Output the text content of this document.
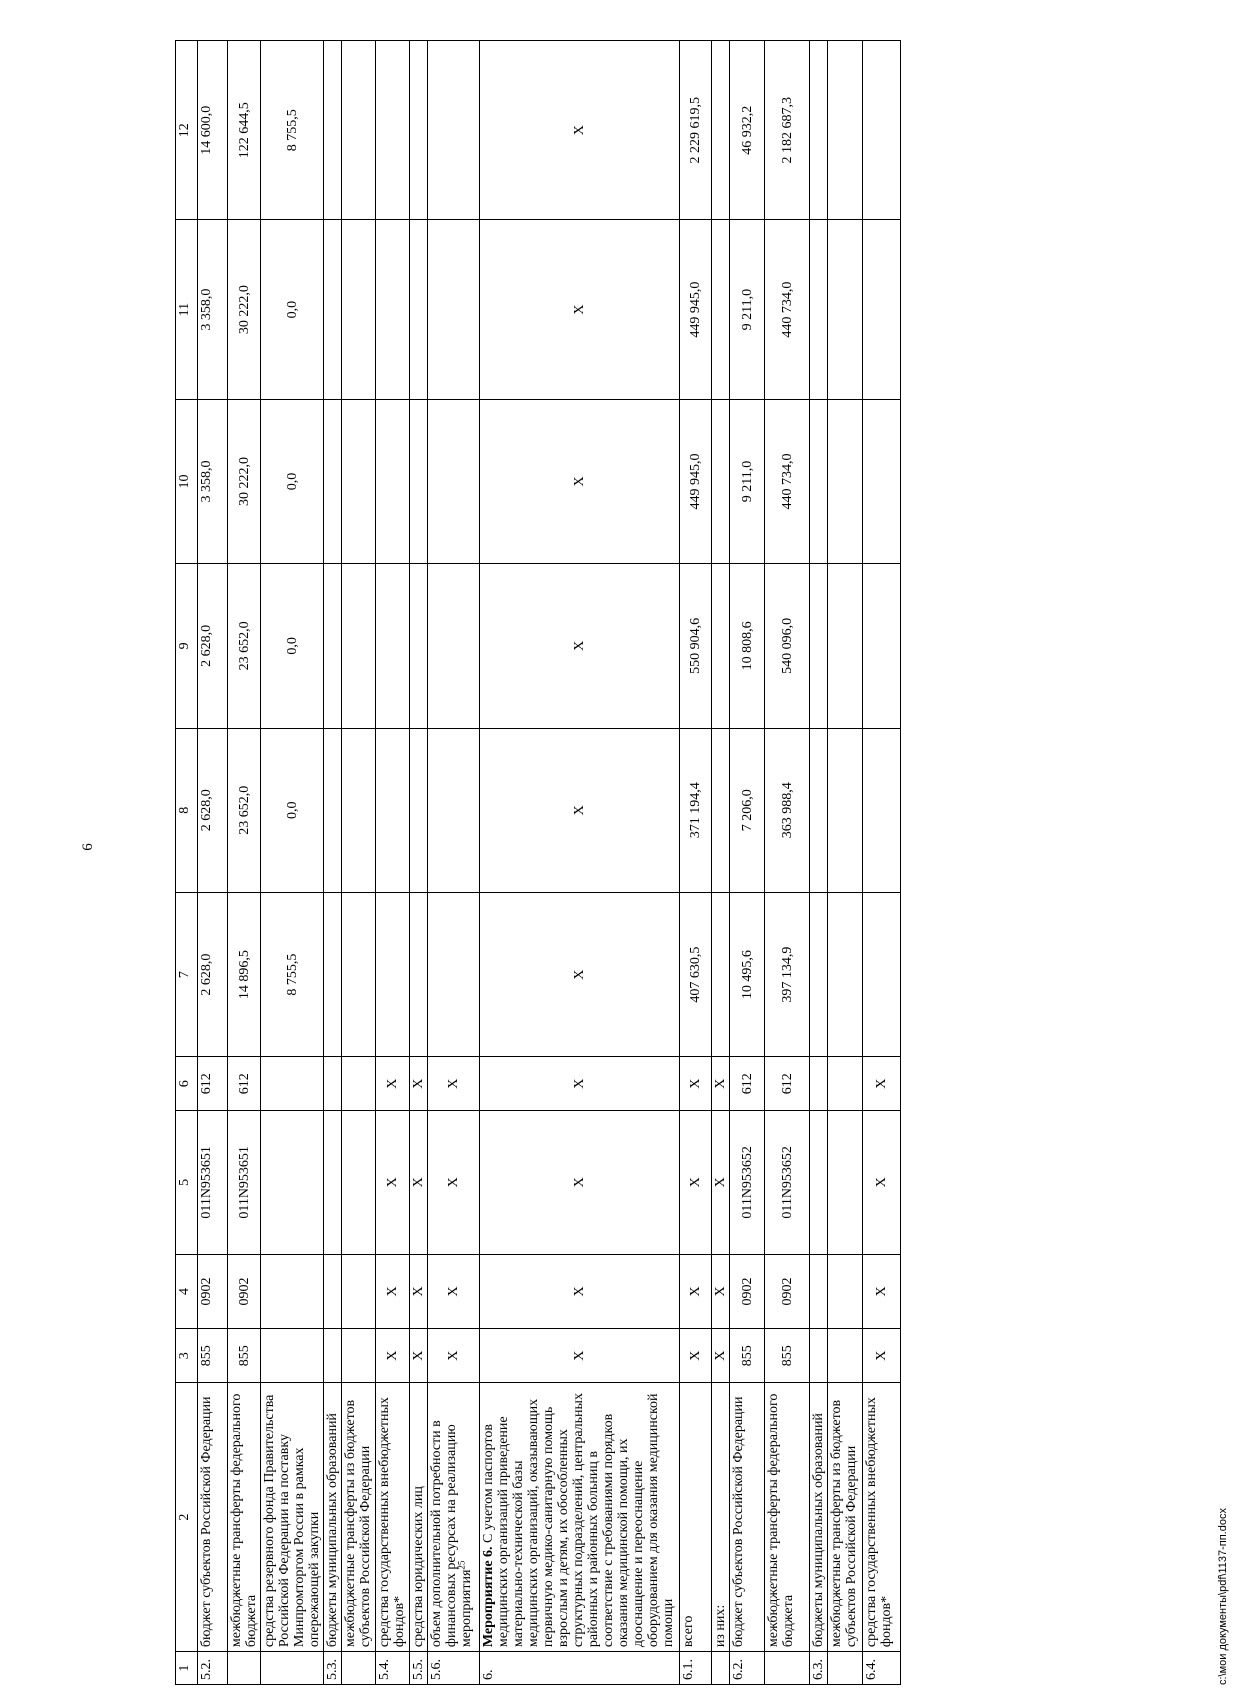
6
1	2	3	4	5	6	7	8	9	10	11	12
5.2.	бюджет субъектов Российской Федерации	855	0902	011N953651	612	2 628,0	2 628,0	2 628,0	3 358,0	3 358,0	14 600,0
	межбюджетные трансферты федерального бюджета	855	0902	011N953651	612	14 896,5	23 652,0	23 652,0	30 222,0	30 222,0	122 644,5
	средства резервного фонда Правительства Российской Федерации на поставку Минпромторгом России в рамках опережающей закупки					8 755,5	0,0	0,0	0,0	0,0	8 755,5
5.3.	бюджеты муниципальных образований										
	межбюджетные трансферты из бюджетов субъектов Российской Федерации										
5.4.	средства государственных внебюджетных фондов*	X	X	X	X						
5.5.	средства юридических лиц	X	X	X	X						
5.6.	объем дополнительной потребности в финансовых ресурсах на реализацию мероприятия$^{25}$	X	X	X	X						
6.	Мероприятие 6. С учетом паспортов медицинских организаций приведение материально-технической базы медицинских организаций, оказывающих первичную медико-санитарную помощь взрослым и детям, их обособленных структурных подразделений, центральных районных и районных больниц в соответствие с требованиями порядков оказания медицинской помощи, их дооснащение и переоснащение оборудованием для оказания медицинской помощи	X	X	X	X	X	X	X	X	X	X
6.1.	всего	X	X	X	X	407 630,5	371 194,4	550 904,6	449 945,0	449 945,0	2 229 619,5
	из них:	X	X	X	X						
6.2.	бюджет субъектов Российской Федерации	855	0902	011N953652	612	10 495,6	7 206,0	10 808,6	9 211,0	9 211,0	46 932,2
	межбюджетные трансферты федерального бюджета	855	0902	011N953652	612	397 134,9	363 988,4	540 096,0	440 734,0	440 734,0	2 182 687,3
6.3.	бюджеты муниципальных образований										
	межбюджетные трансферты из бюджетов субъектов Российской Федерации										
6.4.	средства государственных внебюджетных фондов*	X	X	X	X						
c:\мои документы\pdf\1137-пп.docx
